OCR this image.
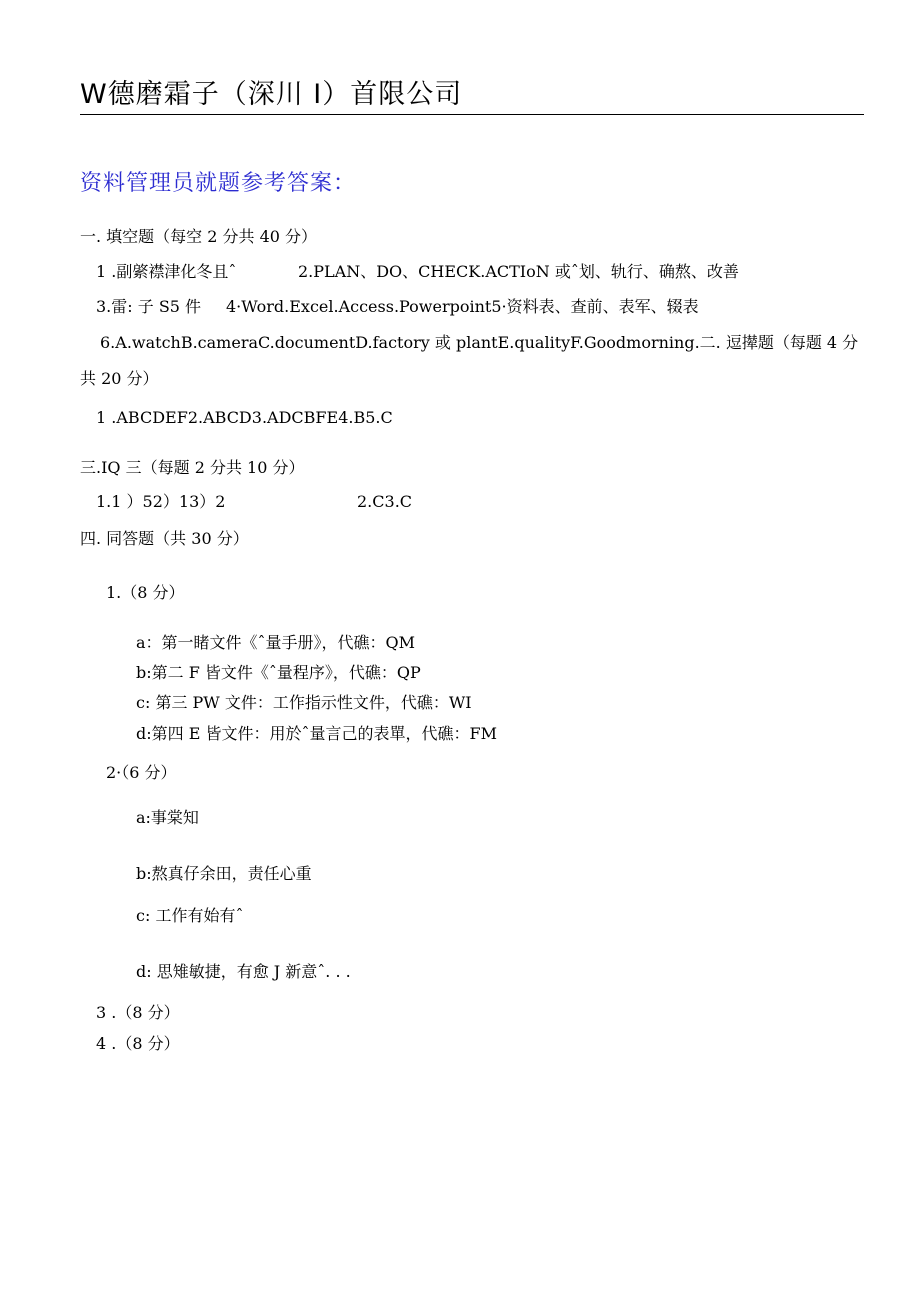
W德磨霜子（深川 I）首限公司
资料管理员就题参考答案：
一. 填空题（每空 2 分共 40 分）
1 .副綮襟津化冬且ˆ	2.PLAN、DO、CHECK.ACTIoN 或ˆ划、轨行、确熬、改善
3.雷: 子 S5 件 4·Word.Excel.Access.Powerpoint5·资料表、查前、表军、辍表
6.A.watchB.cameraC.documentD.factory 或 plantE.qualityF.Goodmorning.二. 逗撵题（每题 4 分共 20 分）
1 .ABCDEF2.ABCD3.ADCBFE4.B5.C
三.IQ 三（每题 2 分共 10 分）
1.1 ）52）13）2	2.C3.C
四. 同答题（共 30 分）
1.（8 分）
a：第一睹文件《ˆ量手册》，代礁：QM
b:第二 F 皆文件《ˆ量程序》，代礁：QP
c: 第三 PW 文件：工作指示性文件，代礁：WI
d:第四 E 皆文件：用於ˆ量言己的表單，代礁：FM
2·（6 分）
a:事棠知
b:熬真仔余田，责任心重
c: 工作有始有ˆ
d: 思雉敏捷，有愈 J 新意ˆ. . .
3 .（8 分）
4 .（8 分）
